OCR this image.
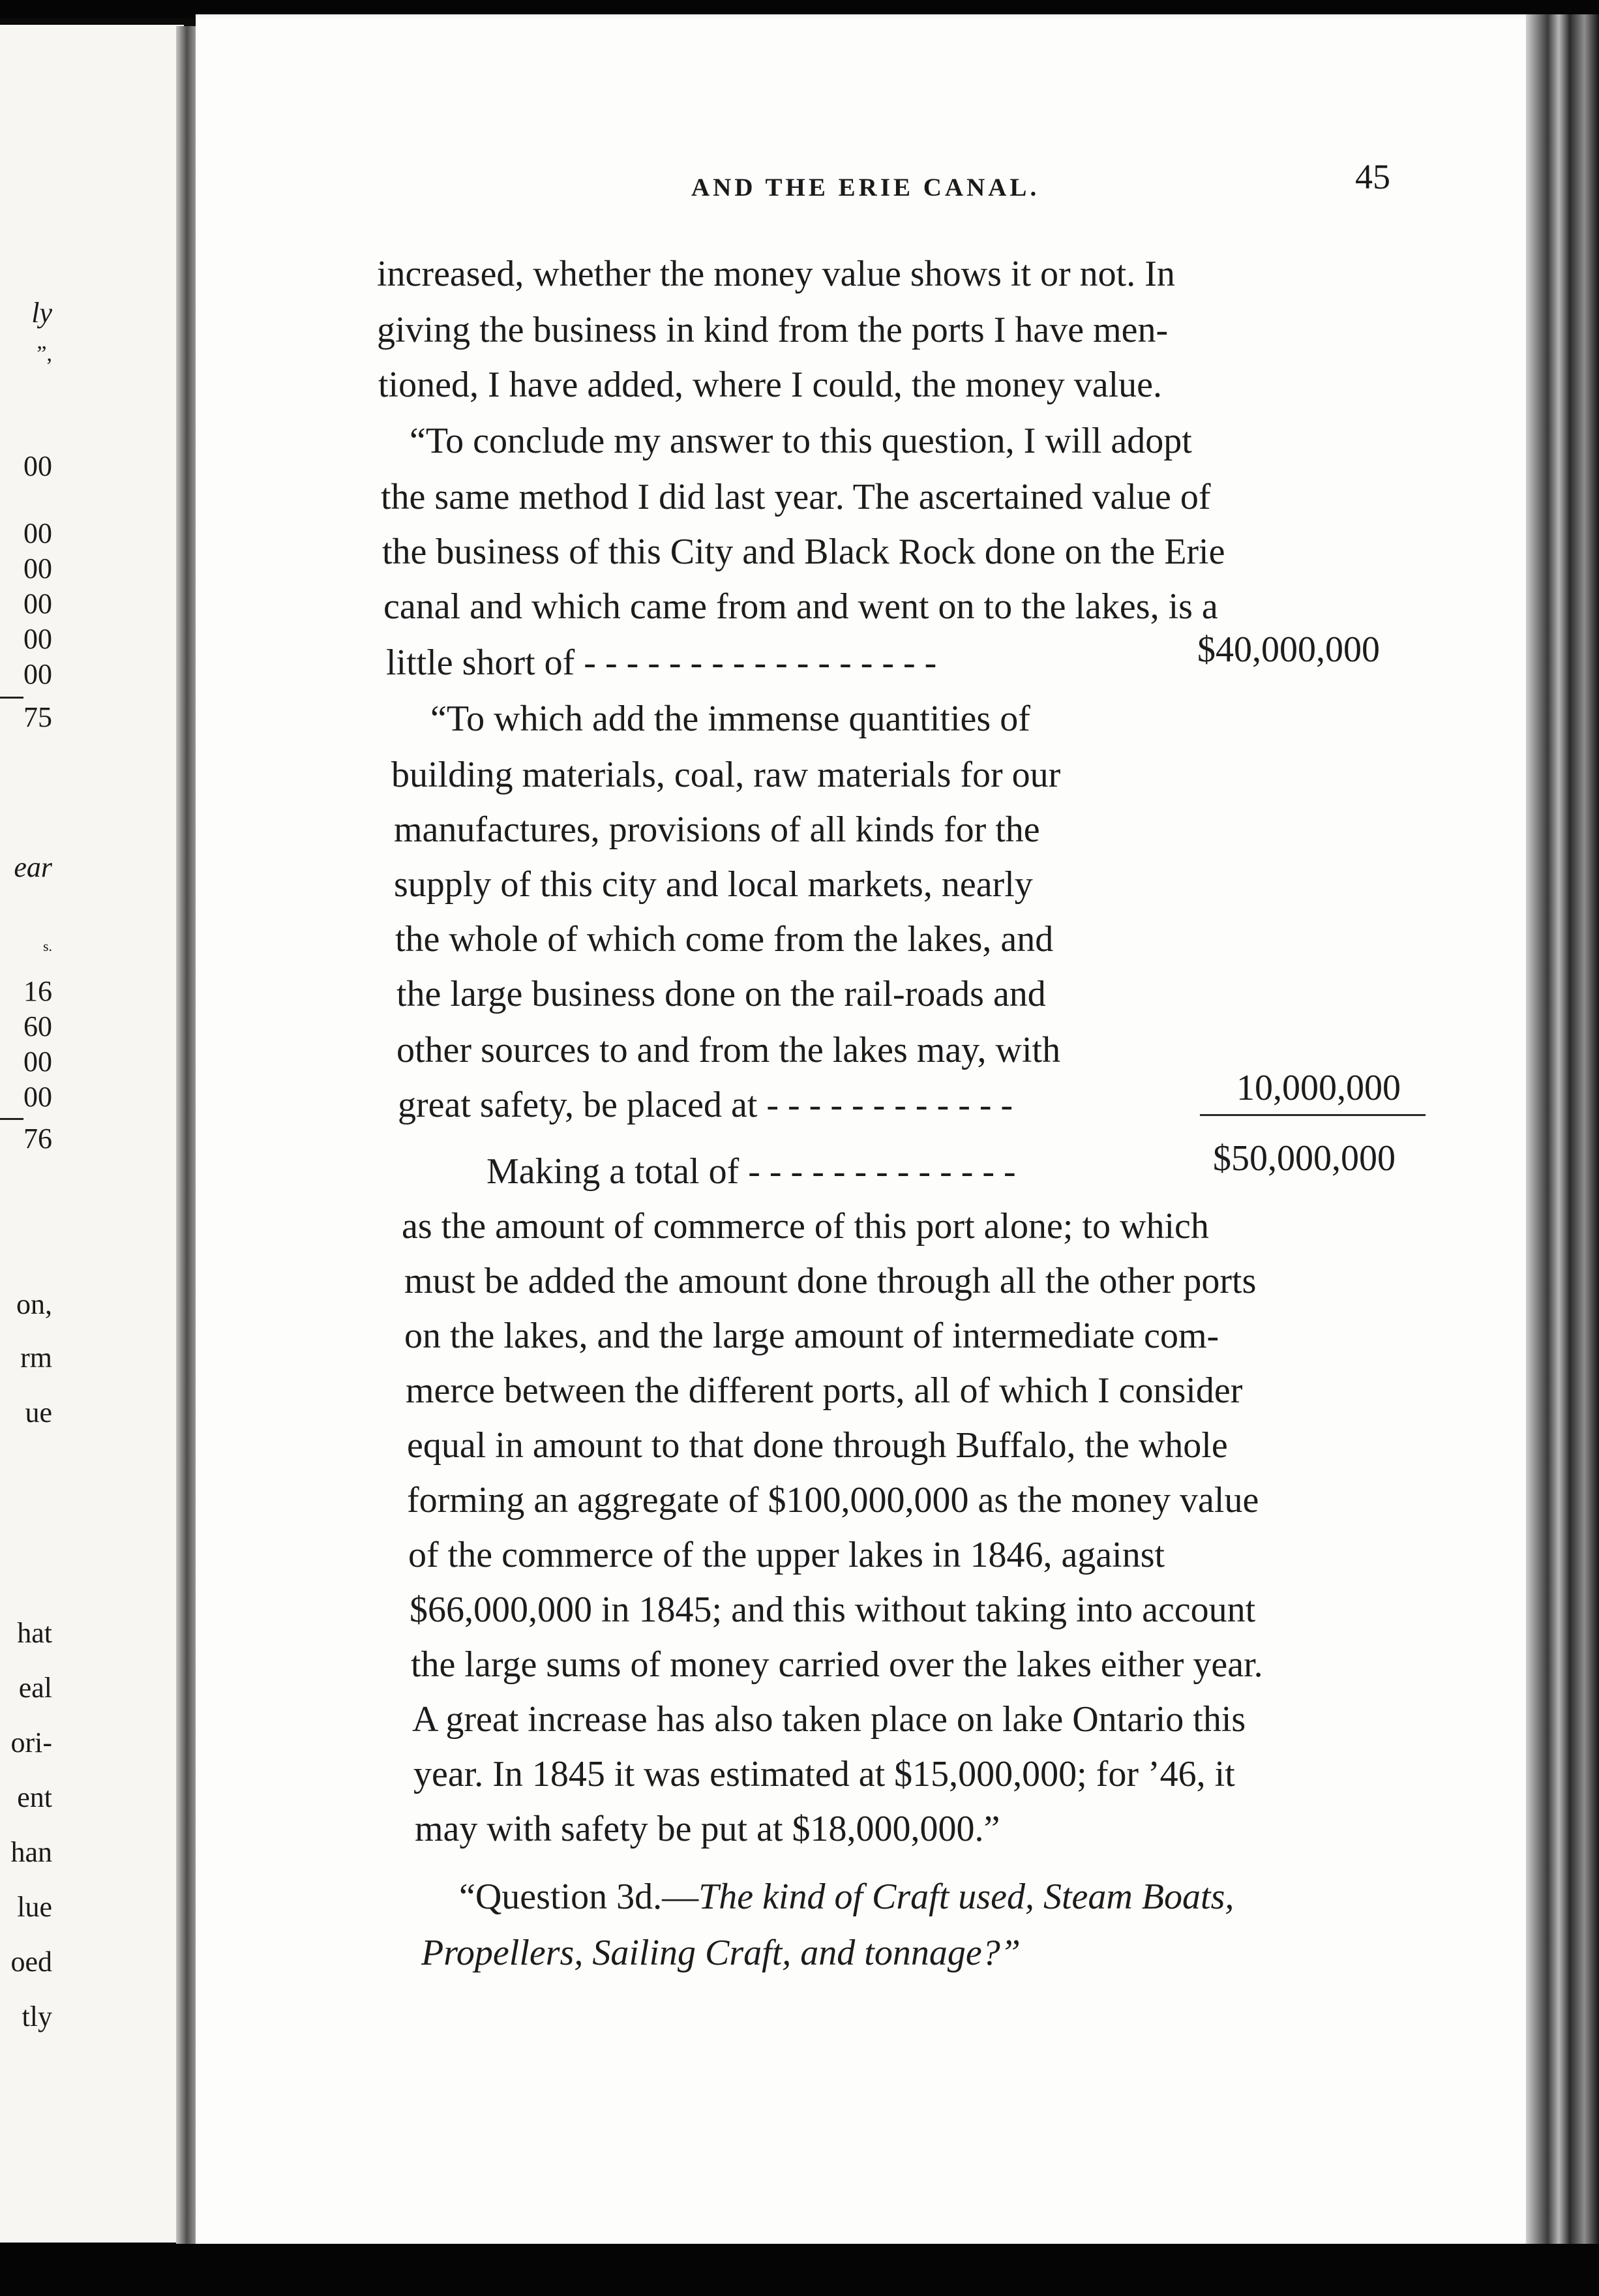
ly
”,
00
00
00
00
00
00
75
ear
s.
16
60
00
00
76
on,
rm
ue
hat
eal
ori-
ent
han
lue
oed
tly
AND THE ERIE CANAL.	45
increased, whether the money value shows it or not. In
giving the business in kind from the ports I have men-
tioned, I have added, where I could, the money value.
“To conclude my answer to this question, I will adopt
the same method I did last year. The ascertained value of
the business of this City and Black Rock done on the Erie
canal and which came from and went on to the lakes, is a
little short of - - - - - - - - - - - - - - - - -	$40,000,000
“To which add the immense quantities of
building materials, coal, raw materials for our
manufactures, provisions of all kinds for the
supply of this city and local markets, nearly
the whole of which come from the lakes, and
the large business done on the rail-roads and
other sources to and from the lakes may, with
great safety, be placed at - - - - - - - - - - - -	10,000,000
Making a total of - - - - - - - - - - - - -	$50,000,000
as the amount of commerce of this port alone; to which
must be added the amount done through all the other ports
on the lakes, and the large amount of intermediate com-
merce between the different ports, all of which I consider
equal in amount to that done through Buffalo, the whole
forming an aggregate of $100,000,000 as the money value
of the commerce of the upper lakes in 1846, against
$66,000,000 in 1845; and this without taking into account
the large sums of money carried over the lakes either year.
A great increase has also taken place on lake Ontario this
year. In 1845 it was estimated at $15,000,000; for ’46, it
may with safety be put at $18,000,000.”
“Question 3d.—The kind of Craft used, Steam Boats,
Propellers, Sailing Craft, and tonnage?”
